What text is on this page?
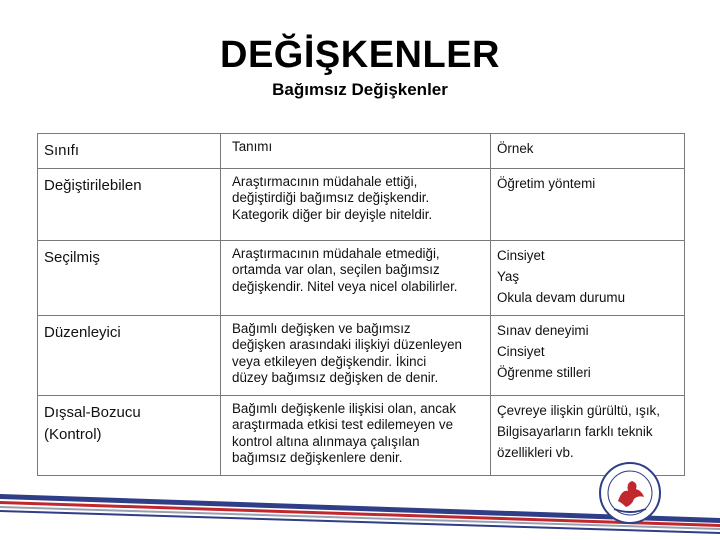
DEĞİŞKENLER
Bağımsız Değişkenler
Sınıfı	Tanımı	Örnek

Değiştirilebilen	Araştırmacının müdahale ettiği,
değiştirdiği bağımsız değişkendir.
Kategorik diğer bir deyişle niteldir.	Öğretim yöntemi

Seçilmiş	Araştırmacının müdahale etmediği,
ortamda var olan, seçilen bağımsız
değişkendir. Nitel veya nicel olabilirler.	Cinsiyet
Yaş
Okula devam durumu

Düzenleyici	Bağımlı değişken ve bağımsız
değişken arasındaki ilişkiyi düzenleyen
veya etkileyen değişkendir. İkinci
düzey bağımsız değişken de denir.	Sınav deneyimi
Cinsiyet
Öğrenme stilleri

Dışsal-Bozucu
(Kontrol)	Bağımlı değişkenle ilişkisi olan, ancak
araştırmada etkisi test edilemeyen ve
kontrol altına alınmaya çalışılan
bağımsız değişkenlere denir.	Çevreye ilişkin gürültü, ışık,
Bilgisayarların farklı teknik
özellikleri vb.
